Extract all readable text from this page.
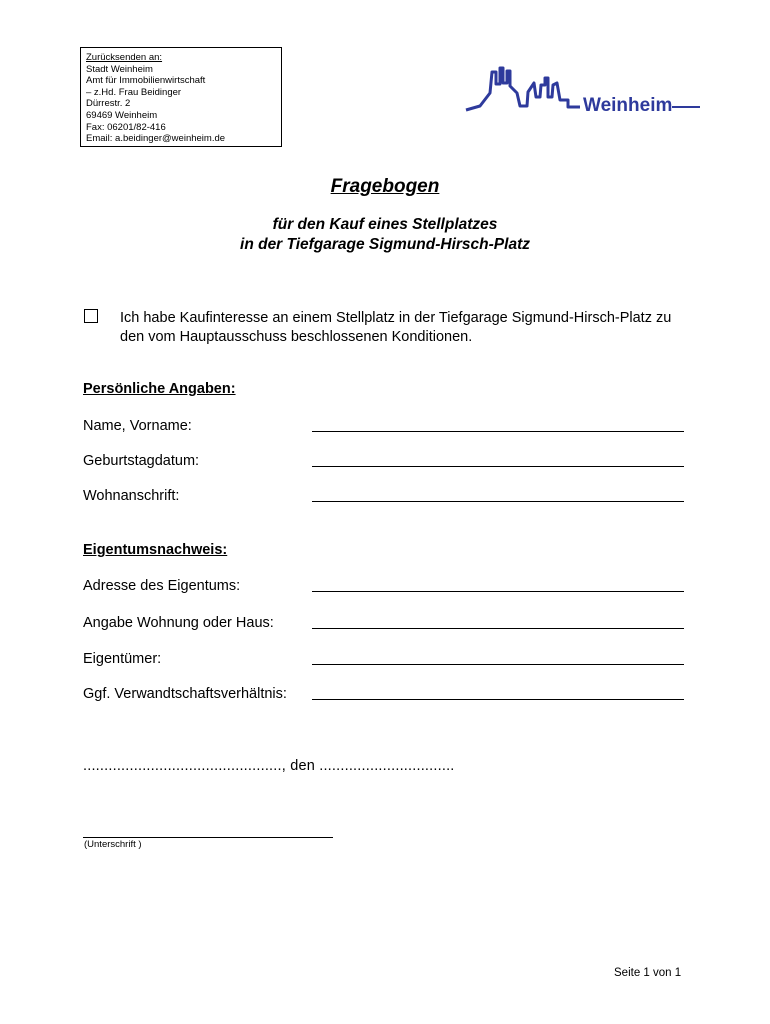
Zurücksenden an:
Stadt Weinheim
Amt für Immobilienwirtschaft
– z.Hd. Frau Beidinger
Dürrestr. 2
69469 Weinheim
Fax: 06201/82-416
Email: a.beidinger@weinheim.de
Weinheim
Fragebogen
für den Kauf eines Stellplatzes
in der Tiefgarage Sigmund-Hirsch-Platz
Ich habe Kaufinteresse an einem Stellplatz in der Tiefgarage Sigmund-Hirsch-Platz zu
den vom Hauptausschuss beschlossenen Konditionen.
Persönliche Angaben:
Name, Vorname:
Geburtstagdatum:
Wohnanschrift:
Eigentumsnachweis:
Adresse des Eigentums:
Angabe Wohnung oder Haus:
Eigentümer:
Ggf. Verwandtschaftsverhältnis:
..............................................., den ................................
(Unterschrift )
Seite 1 von 1
